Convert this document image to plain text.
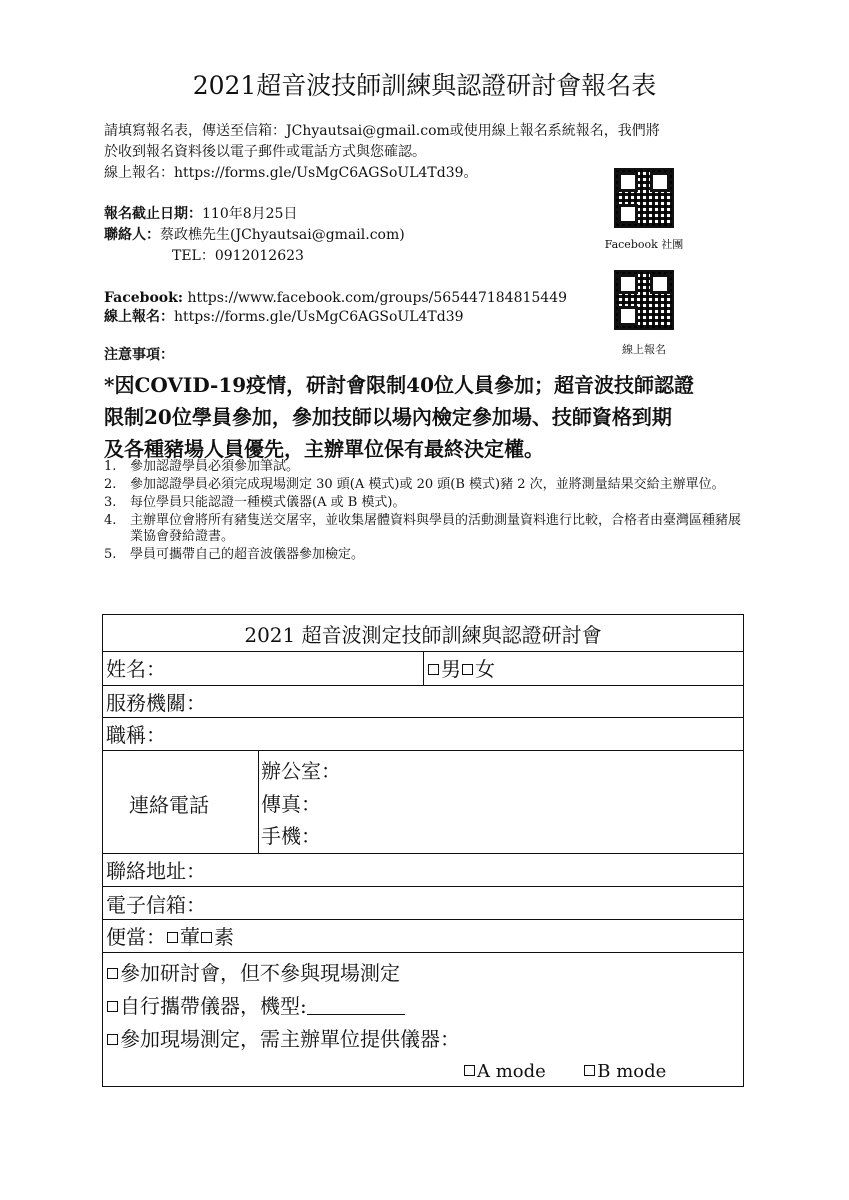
2021超音波技師訓練與認證研討會報名表
請填寫報名表，傳送至信箱：JChyautsai@gmail.com或使用線上報名系統報名，我們將
於收到報名資料後以電子郵件或電話方式與您確認。
線上報名：https://forms.gle/UsMgC6AGSoUL4Td39。
報名截止日期：110年8月25日
聯絡人：蔡政樵先生(JChyautsai@gmail.com)
TEL：0912012623
Facebook: https://www.facebook.com/groups/565447184815449
線上報名：https://forms.gle/UsMgC6AGSoUL4Td39
Facebook 社團
線上報名
注意事項：
*因COVID-19疫情，研討會限制40位人員參加；超音波技師認證
限制20位學員參加，參加技師以場內檢定參加場、技師資格到期
及各種豬場人員優先，主辦單位保有最終決定權。
1. 參加認證學員必須參加筆試。
2. 參加認證學員必須完成現場測定 30 頭(A 模式)或 20 頭(B 模式)豬 2 次，並將測量結果交給主辦單位。
3. 每位學員只能認證一種模式儀器(A 或 B 模式)。
4. 主辦單位會將所有豬隻送交屠宰，並收集屠體資料與學員的活動測量資料進行比較，合格者由臺灣區種豬展業協會發給證書。
5. 學員可攜帶自己的超音波儀器參加檢定。
2021 超音波測定技師訓練與認證研討會
姓名：	男 女
服務機關：
職稱：
連絡電話
辦公室：
傳真：
手機：
聯絡地址：
電子信箱：
便當： 葷 素
參加研討會，但不參與現場測定
自行攜帶儀器，機型:
參加現場測定，需主辦單位提供儀器：
A mode	B mode
